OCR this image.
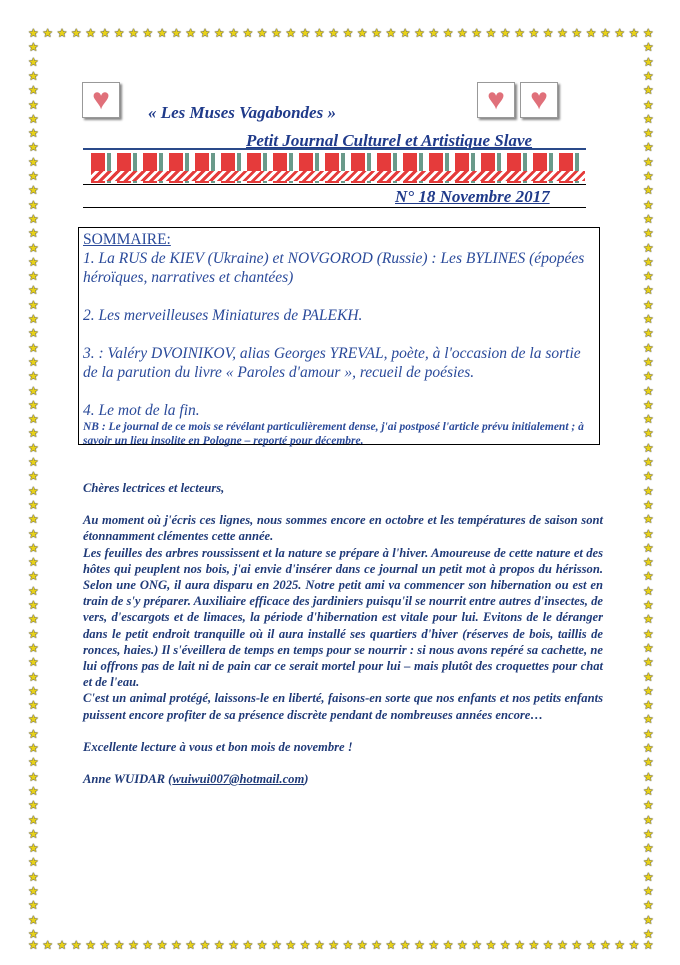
★
★
★
★
★
★
★
★
★
★
★
★
★
★
★
★
★
★
★
★
★
★
★
★
★
★
★
★
★
★
★
★
★
★
★
★
★
★
★
★
★
★
★
★
★
★
★
★
★
★
★
★
★
★
★
★
★
★
★
★
★
★
★
★
★
★
★
★
★
★
★
★
★
★
★
★
★
★
★
★
★
★
★
★
★
★
★
★
★	★
★	★
★	★
★	★
★	★
★	★
★	★
★	★
★	★
★	★
★	★
★	★
★	★
★	★
★	★
★	★
★	★
★	★
★	★
★	★
★	★
★	★
★	★
★	★
★	★
★	★
★	★
★	★
★	★
★	★
★	★
★	★
★	★
★	★
★	★
★	★
★	★
★	★
★	★
★	★
★	★
★	★
★	★
★	★
★	★
★	★
★	★
★	★
★	★
★	★
★	★
★	★
★	★
★	★
★	★
★	★
★	★
★	★
★	★
★	★
★	★
★	★
★	★
♥	♥ ♥
« Les Muses Vagabondes »
Petit Journal Culturel et Artistique Slave
N° 18 Novembre 2017

SOMMAIRE:

1. La RUS de KIEV (Ukraine) et NOVGOROD (Russie) : Les BYLINES (épopées héroïques, narratives et chantées)

2. Les merveilleuses Miniatures de PALEKH.

3. : Valéry DVOINIKOV, alias Georges YREVAL, poète, à l'occasion de la sortie de la parution du livre « Paroles d'amour », recueil de poésies.

4. Le mot de la fin.

NB : Le journal de ce mois se révélant particulièrement dense, j'ai postposé l'article prévu initialement ; à savoir un lieu insolite en Pologne – reporté pour décembre.

Chères lectrices et lecteurs,

Au moment où j'écris ces lignes, nous sommes encore en octobre et les températures de saison sont étonnamment clémentes cette année.

Les feuilles des arbres roussissent et la nature se prépare à l'hiver. Amoureuse de cette nature et des hôtes qui peuplent nos bois, j'ai envie d'insérer dans ce journal un petit mot à propos du hérisson. Selon une ONG, il aura disparu en 2025. Notre petit ami va commencer son hibernation ou est en train de s'y préparer. Auxiliaire efficace des jardiniers puisqu'il se nourrit entre autres d'insectes, de vers, d'escargots et de limaces, la période d'hibernation est vitale pour lui. Evitons de le déranger dans le petit endroit tranquille où il aura installé ses quartiers d'hiver (réserves de bois, taillis de ronces, haies.) Il s'éveillera de temps en temps pour se nourrir : si nous avons repéré sa cachette, ne lui offrons pas de lait ni de pain car ce serait mortel pour lui – mais plutôt des croquettes pour chat et de l'eau.

C'est un animal protégé, laissons-le en liberté, faisons-en sorte que nos enfants et nos petits enfants puissent encore profiter de sa présence discrète pendant de nombreuses années encore…

Excellente lecture à vous et bon mois de novembre !

Anne WUIDAR (wuiwui007@hotmail.com)
